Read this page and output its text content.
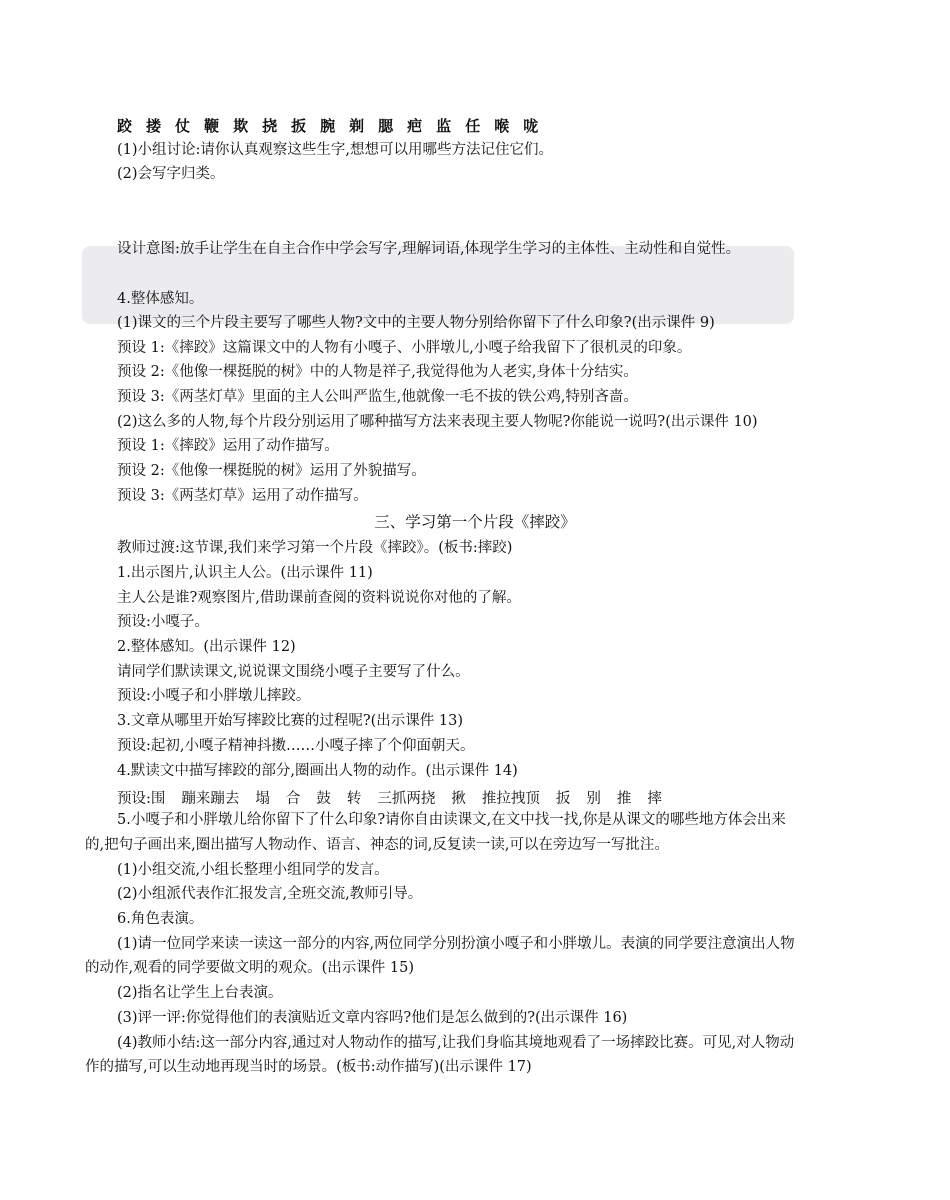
跤 搂 仗 鞭 欺 挠 扳 腕 剃 腮 疤 监 任 喉 咙
(1)小组讨论:请你认真观察这些生字,想想可以用哪些方法记住它们。
(2)会写字归类。
设计意图:放手让学生在自主合作中学会写字,理解词语,体现学生学习的主体性、主动性和自觉性。
4.整体感知。
(1)课文的三个片段主要写了哪些人物?文中的主要人物分别给你留下了什么印象?(出示课件 9)
预设 1:《摔跤》这篇课文中的人物有小嘎子、小胖墩儿,小嘎子给我留下了很机灵的印象。
预设 2:《他像一棵挺脱的树》中的人物是祥子,我觉得他为人老实,身体十分结实。
预设 3:《两茎灯草》里面的主人公叫严监生,他就像一毛不拔的铁公鸡,特别吝啬。
(2)这么多的人物,每个片段分别运用了哪种描写方法来表现主要人物呢?你能说一说吗?(出示课件 10)
预设 1:《摔跤》运用了动作描写。
预设 2:《他像一棵挺脱的树》运用了外貌描写。
预设 3:《两茎灯草》运用了动作描写。
三、学习第一个片段《摔跤》
教师过渡:这节课,我们来学习第一个片段《摔跤》。(板书:摔跤)
1.出示图片,认识主人公。(出示课件 11)
主人公是谁?观察图片,借助课前查阅的资料说说你对他的了解。
预设:小嘎子。
2.整体感知。(出示课件 12)
请同学们默读课文,说说课文围绕小嘎子主要写了什么。
预设:小嘎子和小胖墩儿摔跤。
3.文章从哪里开始写摔跤比赛的过程呢?(出示课件 13)
预设:起初,小嘎子精神抖擞……小嘎子摔了个仰面朝天。
4.默读文中描写摔跤的部分,圈画出人物的动作。(出示课件 14)
预设:围 蹦来蹦去 塌 合 鼓 转 三抓两挠 揪 推拉拽顶 扳 别 推 摔
5.小嘎子和小胖墩儿给你留下了什么印象?请你自由读课文,在文中找一找,你是从课文的哪些地方体会出来
的,把句子画出来,圈出描写人物动作、语言、神态的词,反复读一读,可以在旁边写一写批注。
(1)小组交流,小组长整理小组同学的发言。
(2)小组派代表作汇报发言,全班交流,教师引导。
6.角色表演。
(1)请一位同学来读一读这一部分的内容,两位同学分别扮演小嘎子和小胖墩儿。表演的同学要注意演出人物
的动作,观看的同学要做文明的观众。(出示课件 15)
(2)指名让学生上台表演。
(3)评一评:你觉得他们的表演贴近文章内容吗?他们是怎么做到的?(出示课件 16)
(4)教师小结:这一部分内容,通过对人物动作的描写,让我们身临其境地观看了一场摔跤比赛。可见,对人物动
作的描写,可以生动地再现当时的场景。(板书:动作描写)(出示课件 17)
